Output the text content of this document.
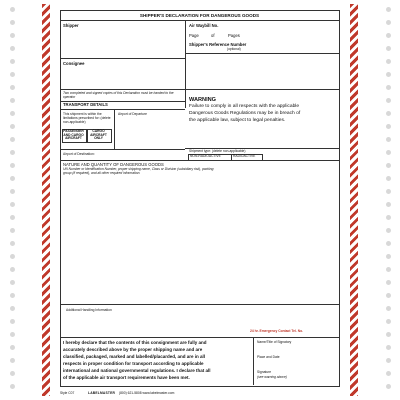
SHIPPER'S DECLARATION FOR DANGEROUS GOODS
Shipper	Air Waybill No.
Page	of	Pages
Shipper's Reference Number
(optional)
Consignee
Two completed and signed copies of this Declaration must be handed to the operator
TRANSPORT DETAILS
This shipment is within the limitations prescribed for: (delete non-applicable)
Airport of Departure
PASSENGER AND CARGO AIRCRAFT
CARGO AIRCRAFT ONLY
Airport of Destination:
WARNING
Failure to comply in all respects with the applicable
Dangerous Goods Regulations may be in breach of
the applicable law, subject to legal penalties.
Shipment type: (delete non-applicable)
NON-RADIOACTIVE	RADIOACTIVE
NATURE AND QUANTITY OF DANGEROUS GOODS
UN Number or Identification Number, proper shipping name, Class or Division (subsidiary risk), packing
group (if required), and all other required information.
Additional Handling Information
24 hr. Emergency Contact Tel. No.
I hereby declare that the contents of this consignment are fully and
accurately described above by the proper shipping name and are
classified, packaged, marked and labelled/placarded, and are in all
respects in proper condition for transport according to applicable
international and national governmental regulations. I declare that all
of the applicable air transport requirements have been met.
Name/Title of Signatory
Place and Date
Signature
(see warning above)
Style C07	LABELMASTER (800) 621-5808 www.labelmaster.com
